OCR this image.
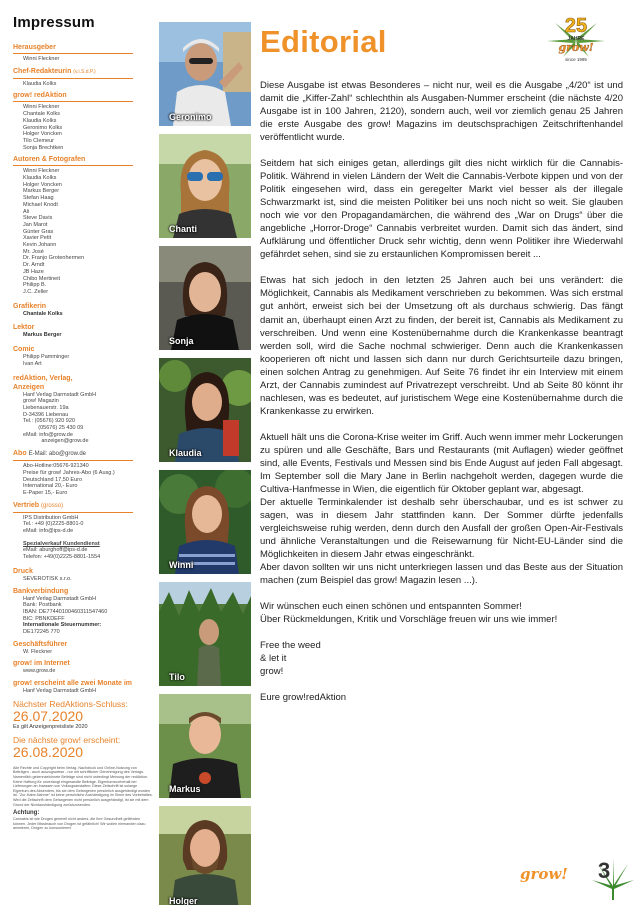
Impressum
Herausgeber
Winni Fleckner
Chef-Redakteurin (v.i.S.d.P.)
Klaudia Kolks
grow! redAktion
Winni Fleckner
Chantale Kolks
Klaudia Kolks
Geronimo Kolks
Holger Voncken
Tilo Clemeur
Sonja Brechtken
Autoren & Fotografen
Winni Fleckner
Klaudia Kolks
Holger Voncken
Markus Berger
Stefan Haag
Michael Knodt
Ali
Steve Davis
Jan Marot
Günter Gras
Xavier Petit
Kevin Johann
Mr. José
Dr. Franjo Grotenhermen
Dr. Arndt
JB Haze
Chibo Mertineit
Philipp B.
J.C. Zeller
Grafikerin
Chantale Kolks
Lektor
Markus Berger
Comic
Philipp Pamminger
Ivan Art
redAktion, Verlag, Anzeigen
Hanf Verlag Darmstadt GmbH
grow! Magazin
Liebenauerstr. 19a
D-34396 Liebenau
Tel.: (05676) 920 920
(05676) 25 430 09
eMail: info@grow.de
anzeigen@grow.de
Abo E-Mail: abo@grow.de
Abo-Hotline:05676-921340
Preise für grow! Jahres-Abo (6 Ausg.)
Deutschland 17,50 Euro
International 20,- Euro
E-Paper 15,- Euro
Vertrieb (grosso)
IPS Distribution GmbH
Tel.: +49 (0)2225-8801-0
eMail: info@ips-d.de
Spezialverkauf Kundendienst
eMail: aburghoff@ips-d.de
Telefon: +49(0)2225-8801-1554
Druck
SEVEROTISK s.r.o.
Bankverbindung
Hanf Verlag Darmstadt GmbH
Bank: Postbank
IBAN: DE77440100460311547460
BIC: PBNKDEFF
Internationale Steuernummer:
DE172245 770
Geschäftsführer
W. Fleckner
grow! im Internet
www.grow.de
grow! erscheint alle zwei Monate im
Hanf Verlag Darmstadt GmbH
Nächster RedAktions-Schluss:
26.07.2020
Es gilt Anzeigenpreisliste 2020
Die nächste grow! erscheint:
26.08.2020
Alle Rechte und Copyright beim Verlag. Nachdruck und Online-Nutzung von Beiträgen - auch auszugsweise - nur mit schriftlicher Genehmigung des Verlags. Namentlich gekennzeichnete Beiträge sind nicht unbedingt Meinung der redAktion. Keine Haftung für unverlangt eingesandte Beiträge. Eigentumsvorbehalt bei Lieferungen an Insassen von Vollzugsanstalten: Diese Zeitschrift ist solange Eigentum des Absenders, bis sie dem Gefangenen persönlich ausgehändigt worden ist. "Zur-Habe-Nahme" ist keine persönliche Aushändigung im Sinne des Vorbehaltes. Wird die Zeitschrift dem Gefangenen nicht persönlich ausgehändigt, ist sie mit dem Grund der Nichtaushändigung zurückzusenden.
Achtung:
Cannabis ist wie Drogen generell nicht anders, die Ihre Gesundheit gefährden können. Jeder Missbrauch von Drogen ist gefährlich! Wir wollen niemanden dazu animieren, Drogen zu konsumieren!
Geronimo
Chanti
Sonja
Klaudia
Winni
Tilo
Markus
Holger
25
JAHRE
grow!
since 1995
Editorial

Diese Ausgabe ist etwas Besonderes – nicht nur, weil es die Ausgabe „4/20“ ist und damit die „Kiffer-Zahl“ schlechthin als Ausgaben-Nummer erscheint (die nächste 4/20 Ausgabe ist in 100 Jahren, 2120), sondern auch, weil vor ziemlich genau 25 Jahren die erste Ausgabe des grow! Magazins im deutschsprachigen Zeitschriftenhandel veröffentlicht wurde.

Seitdem hat sich einiges getan, allerdings gilt dies nicht wirklich für die Cannabis-Politik. Während in vielen Ländern der Welt die Cannabis-Verbote kippen und von der Politik eingesehen wird, dass ein geregelter Markt viel besser als der illegale Schwarzmarkt ist, sind die meisten Politiker bei uns noch nicht so weit. Sie glauben noch wie vor den Propagandamärchen, die während des „War on Drugs“ über die angebliche „Horror-Droge“ Cannabis verbreitet wurden. Damit sich das ändert, sind Aufklärung und öffentlicher Druck sehr wichtig, denn wenn Politiker ihre Wiederwahl gefährdet sehen, sind sie zu erstaunlichen Kompromissen bereit ...

Etwas hat sich jedoch in den letzten 25 Jahren auch bei uns verändert: die Möglichkeit, Cannabis als Medikament verschrieben zu bekommen. Was sich erstmal gut anhört, erweist sich bei der Umsetzung oft als durchaus schwierig. Das fängt damit an, überhaupt einen Arzt zu finden, der bereit ist, Cannabis als Medikament zu verschreiben. Und wenn eine Kostenübernahme durch die Krankenkasse beantragt werden soll, wird die Sache nochmal schwieriger. Denn auch die Krankenkassen kooperieren oft nicht und lassen sich dann nur durch Gerichtsurteile dazu bringen, einen solchen Antrag zu genehmigen. Auf Seite 76 findet ihr ein Interview mit einem Arzt, der Cannabis zumindest auf Privatrezept verschreibt. Und ab Seite 80 könnt ihr nachlesen, was es bedeutet, auf juristischem Wege eine Kostenübernahme durch die Krankenkasse zu erwirken.

Aktuell hält uns die Corona-Krise weiter im Griff. Auch wenn immer mehr Lockerungen zu spüren und alle Geschäfte, Bars und Restaurants (mit Auflagen) wieder geöffnet sind, alle Events, Festivals und Messen sind bis Ende August auf jeden Fall abgesagt. Im September soll die Mary Jane in Berlin nachgeholt werden, dagegen wurde die Cultiva-Hanfmesse in Wien, die eigentlich für Oktober geplant war, abgesagt.
Der aktuelle Terminkalender ist deshalb sehr überschaubar, und es ist schwer zu sagen, was in diesem Jahr stattfinden kann. Der Sommer dürfte jedenfalls vergleichsweise ruhig werden, denn durch den Ausfall der großen Open-Air-Festivals und ähnliche Veranstaltungen und die Reisewarnung für Nicht-EU-Länder sind die Möglichkeiten in diesem Jahr etwas eingeschränkt.
Aber davon sollten wir uns nicht unterkriegen lassen und das Beste aus der Situation machen (zum Beispiel das grow! Magazin lesen ...).

Wir wünschen euch einen schönen und entspannten Sommer!
Über Rückmeldungen, Kritik und Vorschläge freuen wir uns wie immer!

Free the weed
& let it
grow!

Eure grow!redAktion

grow! 3
